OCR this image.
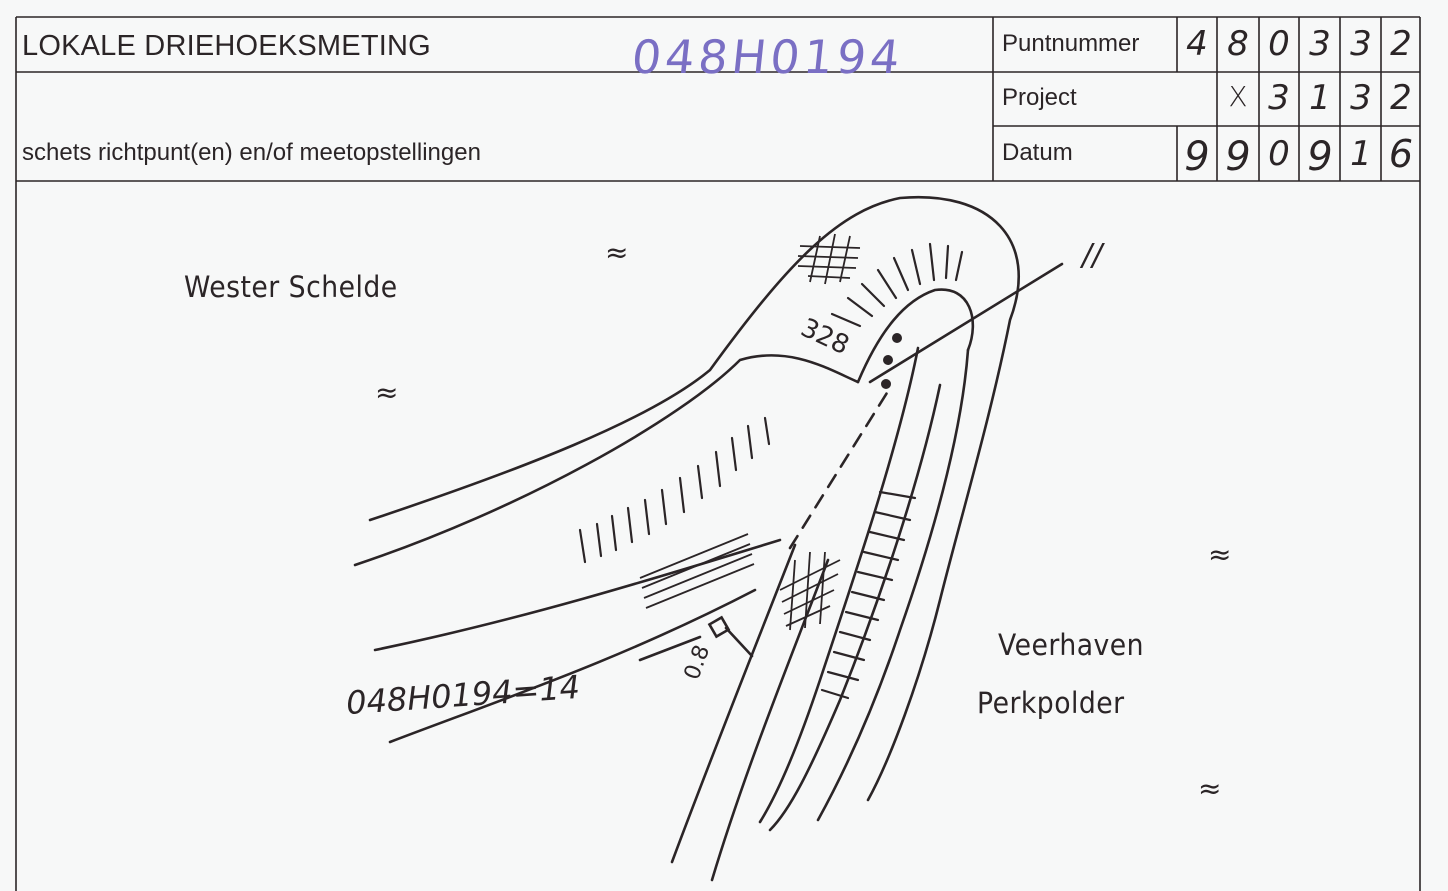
LOKALE DRIEHOEKSMETING
schets richtpunt(en) en/of meetopstellingen
048H0194	Puntnummer
Project
Datum
4 8 0 3 3 2
X 3 1 3 2
9 9 0 9 1 6
Wester Schelde
Veerhaven
Perkpolder
048H0194=14
0.8
328
//
≈
≈
≈
≈
